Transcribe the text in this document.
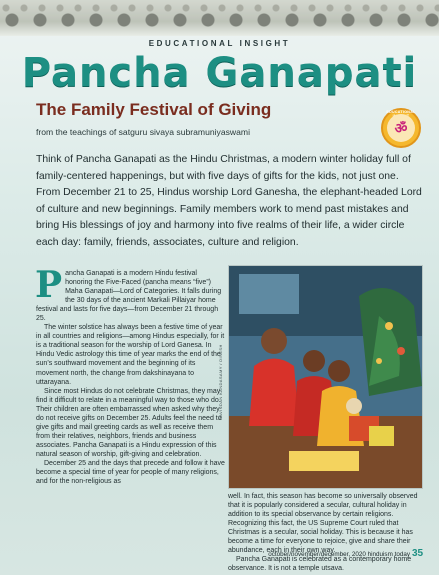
EDUCATIONAL INSIGHT
Pancha Ganapati
The Family Festival of Giving
from the teachings of satguru sivaya subramuniyaswami
EDUCATIONAL
ॐ
Think of Pancha Ganapati as the Hindu Christmas, a modern winter holiday full of family-centered happenings, but with five days of gifts for the kids, not just one. From December 21 to 25, Hindus worship Lord Ganesha, the elephant-headed Lord of culture and new beginnings. Family members work to mend past mistakes and bring His blessings of joy and harmony into five realms of their life, a wider circle each day: family, friends, associates, culture and religion.

Pancha Ganapati is a modern Hindu festival honoring the Five-Faced (pancha means “five”) Maha Ganapati—Lord of Categories. It falls during the 30 days of the ancient Markali Pillaiyar home festival and lasts for five days—from December 21 through 25.

The winter solstice has always been a festive time of year in all countries and religions—among Hindus especially, for it is a traditional season for the worship of Lord Ganesa. In Hindu Vedic astrology this time of year marks the end of the sun’s southward movement and the beginning of its movement north, the change from dakshinayana to uttarayana.

Since most Hindus do not celebrate Christmas, they may find it difficult to relate in a meaningful way to those who do. Their children are often embarrassed when asked why they do not receive gifts on December 25. Adults feel the need to give gifts and mail greeting cards as well as receive them from their relatives, neighbors, friends and business associates. Pancha Ganapati is a Hindu expression of this natural season of worship, gift-giving and celebration.

December 25 and the days that precede and follow it have become a special time of year for people of many religions, and for the non-religious as

RAVINDAN KANDASAMY / DINESH

well. In fact, this season has become so universally observed that it is popularly considered a secular, cultural holiday in addition to its special observance by certain religions. Recognizing this fact, the US Supreme Court ruled that Christmas is a secular, social holiday. This is because it has become a time for everyone to rejoice, give and share their abundance, each in their own way.

Pancha Ganapati is celebrated as a contemporary home observance. It is not a temple utsava.

october/november/december, 2020 hinduism today 35
